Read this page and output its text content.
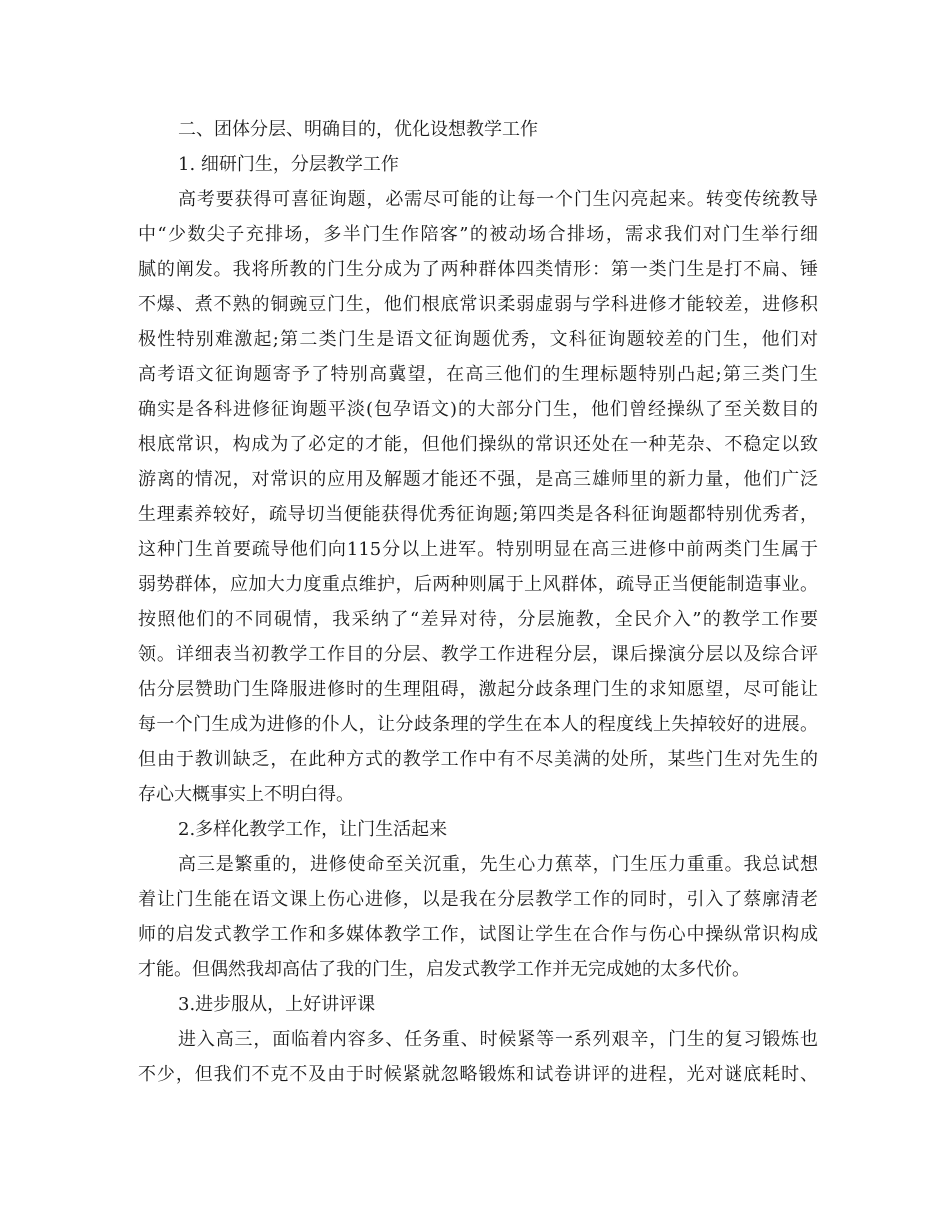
二、团体分层、明确目的，优化设想教学工作
1. 细研门生，分层教学工作
高考要获得可喜征询题，必需尽可能的让每一个门生闪亮起来。转变传统教导
中“少数尖子充排场，多半门生作陪客”的被动场合排场，需求我们对门生举行细
腻的阐发。我将所教的门生分成为了两种群体四类情形：第一类门生是打不扁、锤
不爆、煮不熟的铜豌豆门生，他们根底常识柔弱虚弱与学科进修才能较差，进修积
极性特别难激起;第二类门生是语文征询题优秀，文科征询题较差的门生，他们对
高考语文征询题寄予了特别高冀望，在高三他们的生理标题特别凸起;第三类门生
确实是各科进修征询题平淡(包孕语文)的大部分门生，他们曾经操纵了至关数目的
根底常识，构成为了必定的才能，但他们操纵的常识还处在一种芜杂、不稳定以致
游离的情况，对常识的应用及解题才能还不强，是高三雄师里的新力量，他们广泛
生理素养较好，疏导切当便能获得优秀征询题;第四类是各科征询题都特别优秀者，
这种门生首要疏导他们向115分以上进军。特别明显在高三进修中前两类门生属于
弱势群体，应加大力度重点维护，后两种则属于上风群体，疏导正当便能制造事业。
按照他们的不同硯情，我采纳了“差异对待，分层施教，全民介入”的教学工作要
领。详细表当初教学工作目的分层、教学工作进程分层，课后操演分层以及综合评
估分层赞助门生降服进修时的生理阻碍，激起分歧条理门生的求知愿望，尽可能让
每一个门生成为进修的仆人，让分歧条理的学生在本人的程度线上失掉较好的进展。
但由于教训缺乏，在此种方式的教学工作中有不尽美满的处所，某些门生对先生的
存心大概事实上不明白得。
2.多样化教学工作，让门生活起来
高三是繁重的，进修使命至关沉重，先生心力蕉萃，门生压力重重。我总试想
着让门生能在语文课上伤心进修，以是我在分层教学工作的同时，引入了蔡廓清老
师的启发式教学工作和多媒体教学工作，试图让学生在合作与伤心中操纵常识构成
才能。但偶然我却高估了我的门生，启发式教学工作并无完成她的太多代价。
3.进步服从，上好讲评课
进入高三，面临着内容多、任务重、时候紧等一系列艰辛，门生的复习锻炼也
不少，但我们不克不及由于时候紧就忽略锻炼和试卷讲评的进程，光对谜底耗时、
